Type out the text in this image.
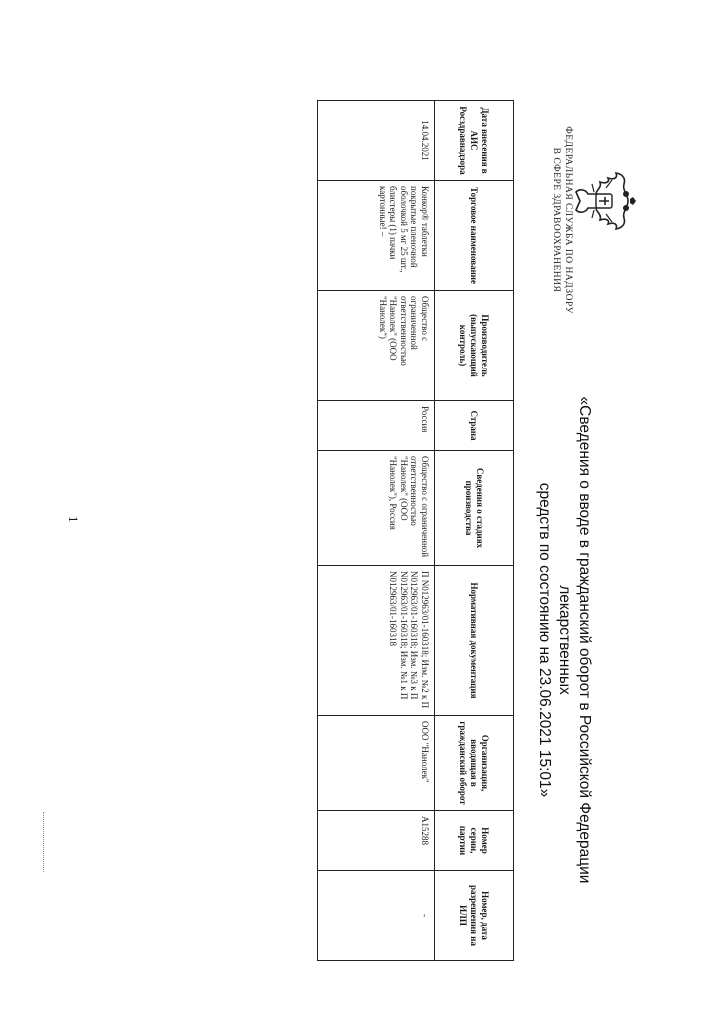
ФЕДЕРАЛЬНАЯ СЛУЖБА ПО НАДЗОРУ
В СФЕРЕ ЗДРАВООХРАНЕНИЯ
«Сведения о вводе в гражданский оборот в Российской Федерации лекарственных
средств по состоянию на 23.06.2021 15:01»
Дата внесения в АИС Росздравнадзора	Торговое наименование	Производитель (выпускающий контроль)	Страна	Сведения о стадиях производства	Нормативная документация	Организация, вводящая в гражданский оборот	Номер серии, партии	Номер, дата разрешения на ИЛП
14.04.2021	Конкор® таблетки покрытые пленочной оболочкой 5 мг 25 шт., блистеры (1) пачки картонные! –	Общество с ограниченной ответственностью "Нанолек" (ООО "Нанолек")	Россия	Общество с ограниченной ответственностью "Нанолек" (ООО "Нанолек"), Россия	П N012963/01-160318; Изм. №2 к П N012963/01-160318; Изм. №3 к П N012963/01-160318; Изм. №1 к П N012963/01-160318	ООО "Нанолек"	A15288	-
1
